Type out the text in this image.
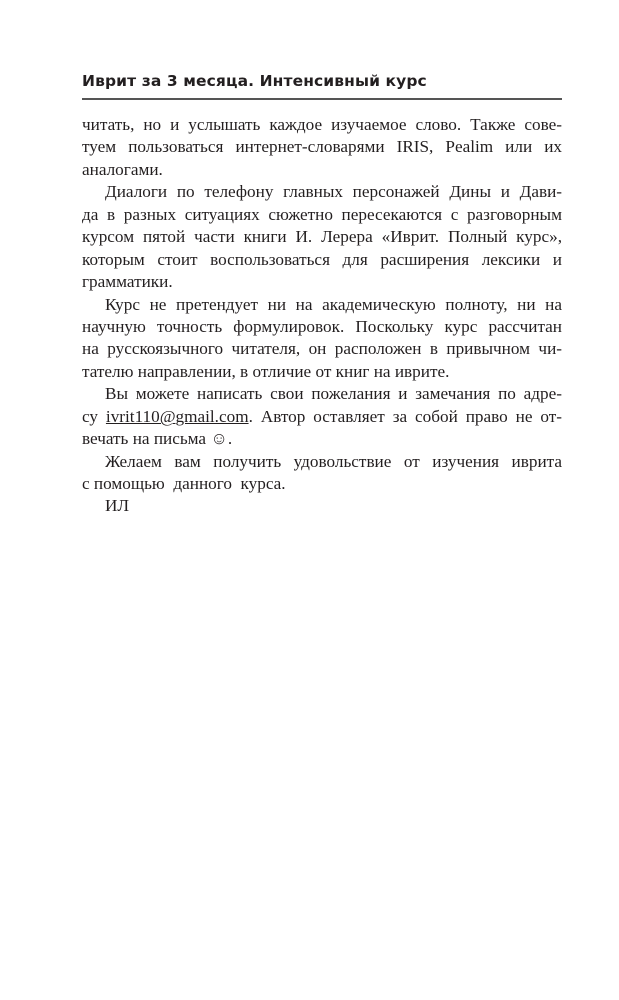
Иврит за 3 месяца. Интенсивный курс
читать, но и услышать каждое изучаемое слово. Также сове-
туем пользоваться интернет-словарями IRIS, Pealim или их
аналогами.
Диалоги по телефону главных персонажей Дины и Дави-
да в разных ситуациях сюжетно пересекаются с разговорным
курсом пятой части книги И. Лерера «Иврит. Полный курс»,
которым стоит воспользоваться для расширения лексики и
грамматики.
Курс не претендует ни на академическую полноту, ни на
научную точность формулировок. Поскольку курс рассчитан
на русскоязычного читателя, он расположен в привычном чи-
тателю направлении, в отличие от книг на иврите.
Вы можете написать свои пожелания и замечания по адре-
су ivrit110@gmail.com. Автор оставляет за собой право не от-
вечать на письма ☺.
Желаем вам получить удовольствие от изучения иврита
с помощью  данного  курса.
ИЛ
